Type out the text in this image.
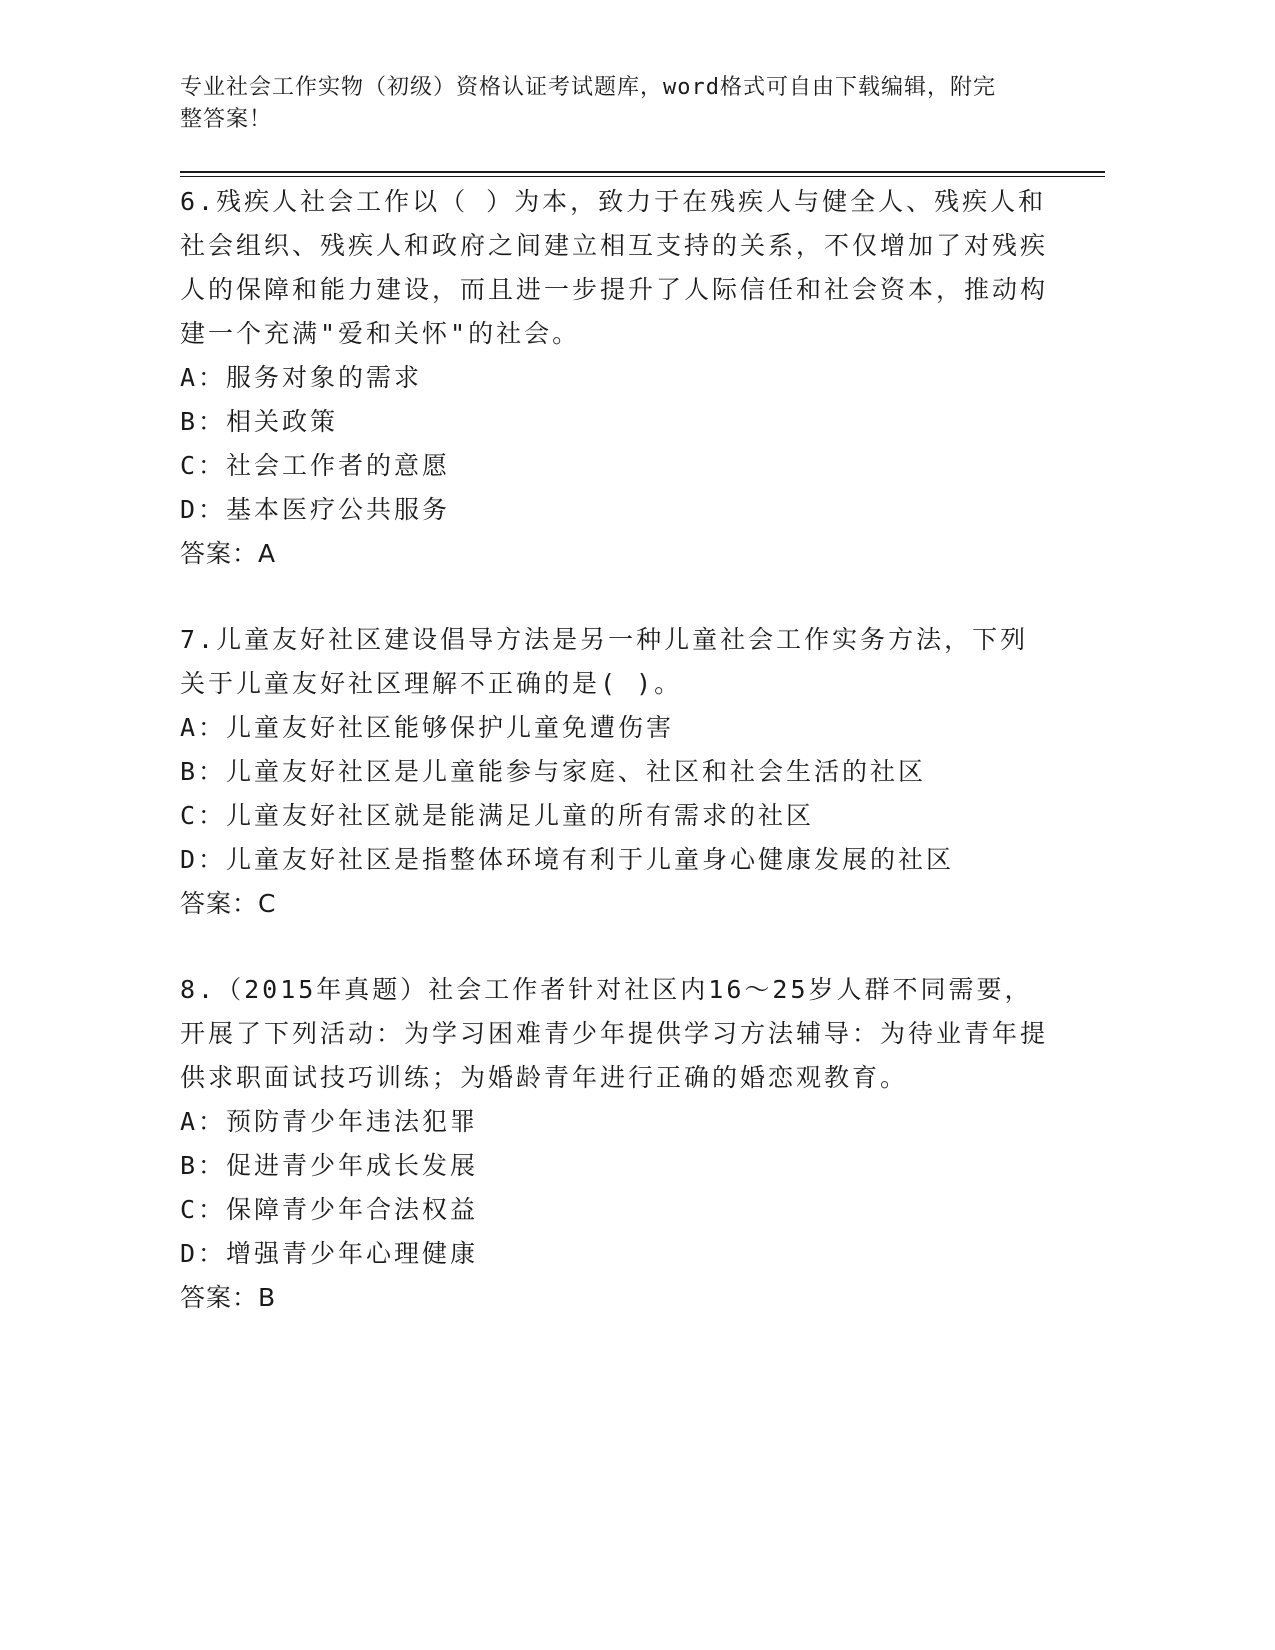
专业社会工作实物（初级）资格认证考试题库，word格式可自由下载编辑，附完
整答案！

6.残疾人社会工作以（ ）为本，致力于在残疾人与健全人、残疾人和社会组织、残疾人和政府之间建立相互支持的关系，不仅增加了对残疾人的保障和能力建设，而且进一步提升了人际信任和社会资本，推动构建一个充满"爱和关怀"的社会。

A：服务对象的需求

B：相关政策

C：社会工作者的意愿

D：基本医疗公共服务

答案：A

7.儿童友好社区建设倡导方法是另一种儿童社会工作实务方法，下列关于儿童友好社区理解不正确的是( )。

A：儿童友好社区能够保护儿童免遭伤害

B：儿童友好社区是儿童能参与家庭、社区和社会生活的社区

C：儿童友好社区就是能满足儿童的所有需求的社区

D：儿童友好社区是指整体环境有利于儿童身心健康发展的社区

答案：C

8.（2015年真题）社会工作者针对社区内16～25岁人群不同需要，开展了下列活动：为学习困难青少年提供学习方法辅导：为待业青年提供求职面试技巧训练；为婚龄青年进行正确的婚恋观教育。

A：预防青少年违法犯罪

B：促进青少年成长发展

C：保障青少年合法权益

D：增强青少年心理健康

答案：B
